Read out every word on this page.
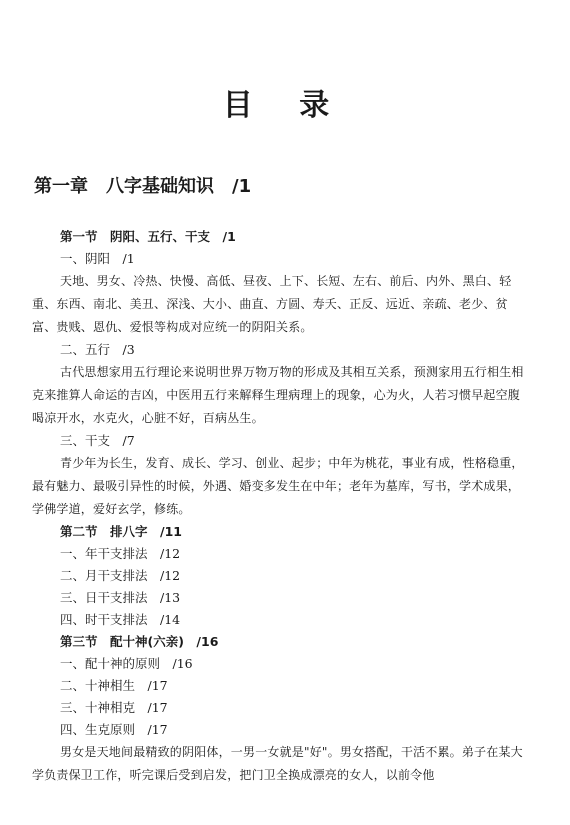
目 录
第一章　八字基础知识　/1
第一节　阴阳、五行、干支　/1
一、阴阳　/1
天地、男女、冷热、快慢、高低、昼夜、上下、长短、左右、前后、内外、黑白、轻重、东西、南北、美丑、深浅、大小、曲直、方圆、寿夭、正反、远近、亲疏、老少、贫富、贵贱、恩仇、爱恨等构成对应统一的阴阳关系。
二、五行　/3
古代思想家用五行理论来说明世界万物万物的形成及其相互关系，预测家用五行相生相克来推算人命运的吉凶，中医用五行来解释生理病理上的现象，心为火，人若习惯早起空腹喝凉开水，水克火，心脏不好，百病丛生。
三、干支　/7
青少年为长生，发育、成长、学习、创业、起步；中年为桃花，事业有成，性格稳重，最有魅力、最吸引异性的时候，外遇、婚变多发生在中年；老年为墓库，写书，学术成果，学佛学道，爱好玄学，修练。
第二节　排八字　/11
一、年干支排法　/12
二、月干支排法　/12
三、日干支排法　/13
四、时干支排法　/14
第三节　配十神(六亲)　/16
一、配十神的原则　/16
二、十神相生　/17
三、十神相克　/17
四、生克原则　/17
男女是天地间最精致的阴阳体，一男一女就是"好"。男女搭配，干活不累。弟子在某大学负责保卫工作，听完课后受到启发，把门卫全换成漂亮的女人，以前令他
